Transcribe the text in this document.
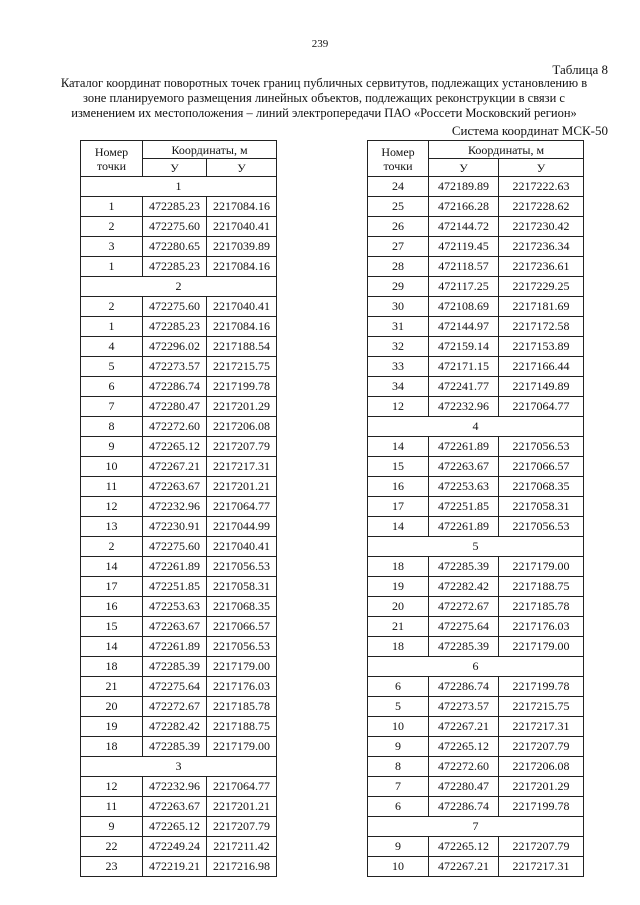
239
Таблица 8
Каталог координат поворотных точек границ публичных сервитутов, подлежащих установлению в зоне планируемого размещения линейных объектов, подлежащих реконструкции в связи с изменением их местоположения – линий электропередачи ПАО «Россети Московский регион»
Система координат МСК-50
Номер
точки	Координаты, м	
	У	У
1		
1	472285.23	2217084.16
2	472275.60	2217040.41
3	472280.65	2217039.89
1	472285.23	2217084.16
2		
2	472275.60	2217040.41
1	472285.23	2217084.16
4	472296.02	2217188.54
5	472273.57	2217215.75
6	472286.74	2217199.78
7	472280.47	2217201.29
8	472272.60	2217206.08
9	472265.12	2217207.79
10	472267.21	2217217.31
11	472263.67	2217201.21
12	472232.96	2217064.77
13	472230.91	2217044.99
2	472275.60	2217040.41
14	472261.89	2217056.53
17	472251.85	2217058.31
16	472253.63	2217068.35
15	472263.67	2217066.57
14	472261.89	2217056.53
18	472285.39	2217179.00
21	472275.64	2217176.03
20	472272.67	2217185.78
19	472282.42	2217188.75
18	472285.39	2217179.00
3		
12	472232.96	2217064.77
11	472263.67	2217201.21
9	472265.12	2217207.79
22	472249.24	2217211.42
23	472219.21	2217216.98
Номер
точки	Координаты, м	
	У	У
24	472189.89	2217222.63
25	472166.28	2217228.62
26	472144.72	2217230.42
27	472119.45	2217236.34
28	472118.57	2217236.61
29	472117.25	2217229.25
30	472108.69	2217181.69
31	472144.97	2217172.58
32	472159.14	2217153.89
33	472171.15	2217166.44
34	472241.77	2217149.89
12	472232.96	2217064.77
4		
14	472261.89	2217056.53
15	472263.67	2217066.57
16	472253.63	2217068.35
17	472251.85	2217058.31
14	472261.89	2217056.53
5		
18	472285.39	2217179.00
19	472282.42	2217188.75
20	472272.67	2217185.78
21	472275.64	2217176.03
18	472285.39	2217179.00
6		
6	472286.74	2217199.78
5	472273.57	2217215.75
10	472267.21	2217217.31
9	472265.12	2217207.79
8	472272.60	2217206.08
7	472280.47	2217201.29
6	472286.74	2217199.78
7		
9	472265.12	2217207.79
10	472267.21	2217217.31
